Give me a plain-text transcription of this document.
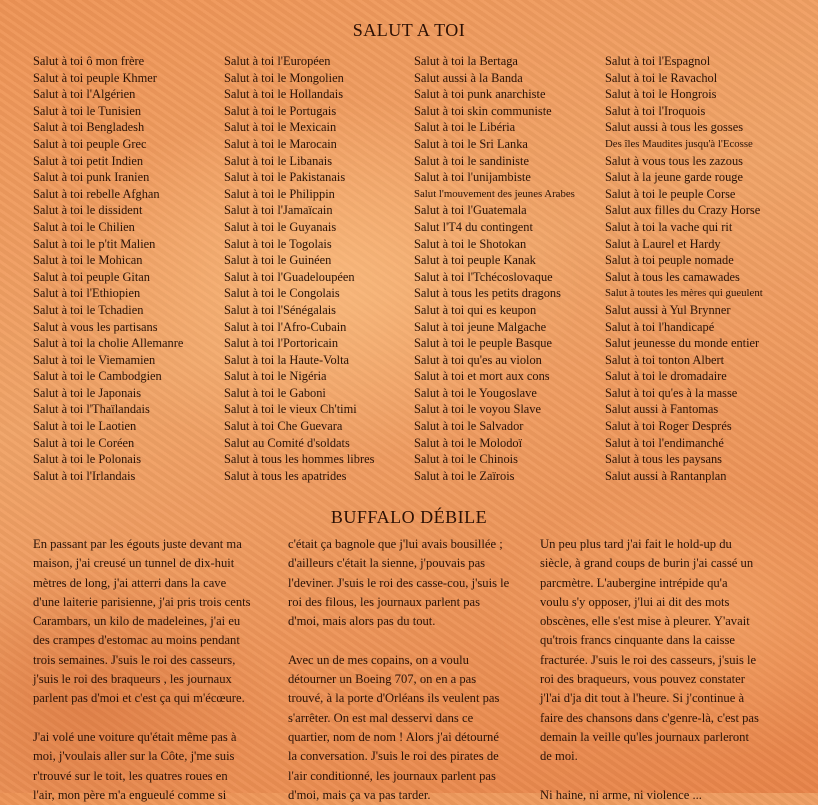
SALUT A TOI
Salut à toi ô mon frère
Salut à toi peuple Khmer
Salut à toi l'Algérien
Salut à toi le Tunisien
Salut à toi Bengladesh
Salut à toi peuple Grec
Salut à toi petit Indien
Salut à toi punk Iranien
Salut à toi rebelle Afghan
Salut à toi le dissident
Salut à toi le Chilien
Salut à toi le p'tit Malien
Salut à toi le Mohican
Salut à toi peuple Gitan
Salut à toi l'Ethiopien
Salut à toi le Tchadien
Salut à vous les partisans
Salut à toi la cholie Allemanre
Salut à toi le Viemamien
Salut à toi le Cambodgien
Salut à toi le Japonais
Salut à toi l'Thaïlandais
Salut à toi le Laotien
Salut à toi le Coréen
Salut à toi le Polonais
Salut à toi l'Irlandais
Salut à toi l'Européen
Salut à toi le Mongolien
Salut à toi le Hollandais
Salut à toi le Portugais
Salut à toi le Mexicain
Salut à toi le Marocain
Salut à toi le Libanais
Salut à toi le Pakistanais
Salut à toi le Philippin
Salut à toi l'Jamaïcain
Salut à toi le Guyanais
Salut à toi le Togolais
Salut à toi le Guinéen
Salut à toi l'Guadeloupéen
Salut à toi le Congolais
Salut à toi l'Sénégalais
Salut à toi l'Afro-Cubain
Salut à toi l'Portoricain
Salut à toi la Haute-Volta
Salut à toi le Nigéria
Salut à toi le Gaboni
Salut à toi le vieux Ch'timi
Salut à toi Che Guevara
Salut au Comité d'soldats
Salut à tous les hommes libres
Salut à tous les apatrides
Salut à toi la Bertaga
Salut aussi à la Banda
Salut à toi punk anarchiste
Salut à toi skin communiste
Salut à toi le Libéria
Salut à toi le Sri Lanka
Salut à toi le sandiniste
Salut à toi l'unijambiste
Salut l'mouvement des jeunes Arabes
Salut à toi l'Guatemala
Salut l'T4 du contingent
Salut à toi le Shotokan
Salut à toi peuple Kanak
Salut à toi l'Tchécoslovaque
Salut à tous les petits dragons
Salut à toi qui es keupon
Salut à toi jeune Malgache
Salut à toi le peuple Basque
Salut à toi qu'es au violon
Salut à toi et mort aux cons
Salut à toi le Yougoslave
Salut à toi le voyou Slave
Salut à toi le Salvador
Salut à toi le Molodoï
Salut à toi le Chinois
Salut à toi le Zaïrois
Salut à toi l'Espagnol
Salut à toi le Ravachol
Salut à toi le Hongrois
Salut à toi l'Iroquois
Salut aussi à tous les gosses
Des îles Maudites jusqu'à l'Ecosse
Salut à vous tous les zazous
Salut à la jeune garde rouge
Salut à toi le peuple Corse
Salut aux filles du Crazy Horse
Salut à toi la vache qui rit
Salut à Laurel et Hardy
Salut à toi peuple nomade
Salut à tous les camawades
Salut à toutes les mères qui gueulent
Salut aussi à Yul Brynner
Salut à toi l'handicapé
Salut jeunesse du monde entier
Salut à toi tonton Albert
Salut à toi le dromadaire
Salut à toi qu'es à la masse
Salut aussi à Fantomas
Salut à toi Roger Després
Salut à toi l'endimanché
Salut à tous les paysans
Salut aussi à Rantanplan
BUFFALO DÉBILE
En passant par les égouts juste devant ma
maison, j'ai creusé un tunnel de dix-huit
mètres de long, j'ai atterri dans la cave
d'une laiterie parisienne, j'ai pris trois cents
Carambars, un kilo de madeleines, j'ai eu
des crampes d'estomac au moins pendant
trois semaines. J'suis le roi des casseurs,
j'suis le roi des braqueurs , les journaux
parlent pas d'moi et c'est ça qui m'écœure.
J'ai volé une voiture qu'était même pas à
moi, j'voulais aller sur la Côte, j'me suis
r'trouvé sur le toit, les quatres roues en
l'air, mon père m'a engueulé comme si
c'était ça bagnole que j'lui avais bousillée ;
d'ailleurs c'était la sienne, j'pouvais pas
l'deviner. J'suis le roi des casse-cou, j'suis le
roi des filous, les journaux parlent pas
d'moi, mais alors pas du tout.
Avec un de mes copains, on a voulu
détourner un Boeing 707, on en a pas
trouvé, à la porte d'Orléans ils veulent pas
s'arrêter. On est mal desservi dans ce
quartier, nom de nom ! Alors j'ai détourné
la conversation. J'suis le roi des pirates de
l'air conditionné, les journaux parlent pas
d'moi, mais ça va pas tarder.
Un peu plus tard j'ai fait le hold-up du
siècle, à grand coups de burin j'ai cassé un
parcmètre. L'aubergine intrépide qu'a
voulu s'y opposer, j'lui ai dit des mots
obscènes, elle s'est mise à pleurer. Y'avait
qu'trois francs cinquante dans la caisse
fracturée. J'suis le roi des casseurs, j'suis le
roi des braqueurs, vous pouvez constater
j'l'ai d'ja dit tout à l'heure. Si j'continue à
faire des chansons dans c'genre-là, c'est pas
demain la veille qu'les journaux parleront
de moi.
Ni haine, ni arme, ni violence ...
